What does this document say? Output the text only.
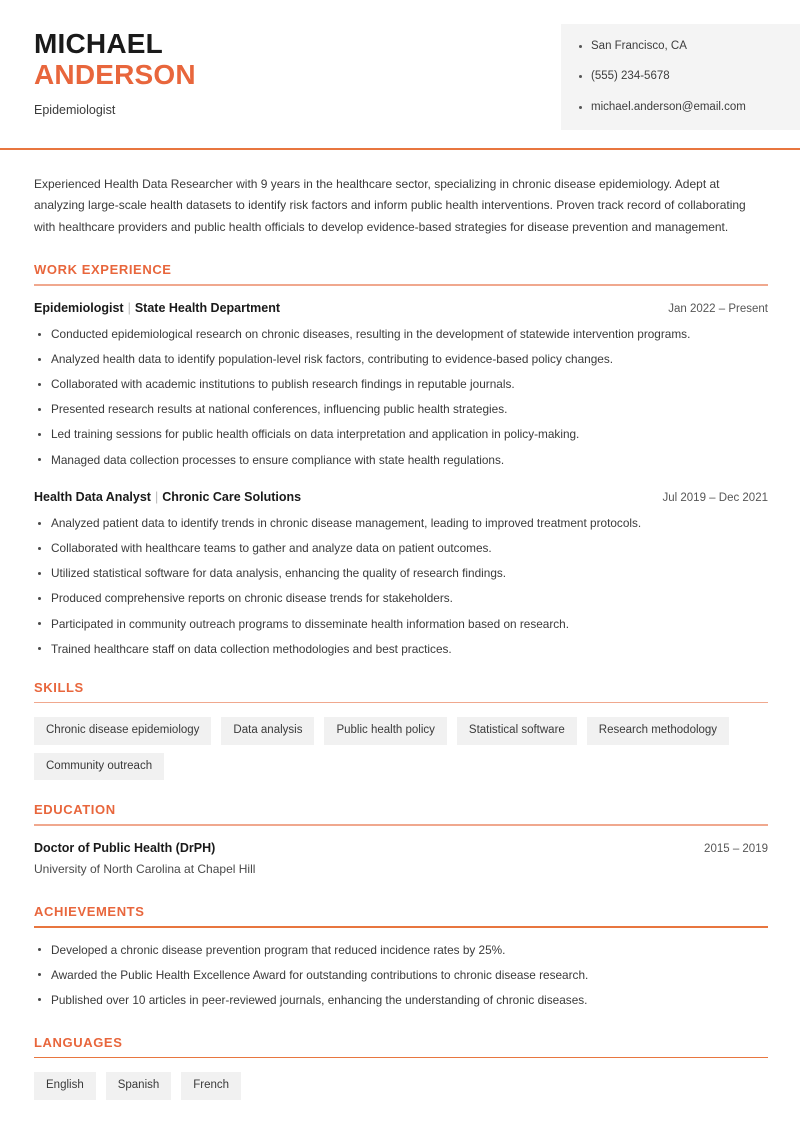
MICHAEL
ANDERSON
Epidemiologist
San Francisco, CA
(555) 234-5678
michael.anderson@email.com
Experienced Health Data Researcher with 9 years in the healthcare sector, specializing in chronic disease epidemiology. Adept at analyzing large-scale health datasets to identify risk factors and inform public health interventions. Proven track record of collaborating with healthcare providers and public health officials to develop evidence-based strategies for disease prevention and management.
WORK EXPERIENCE
Epidemiologist | State Health Department	Jan 2022 – Present
Conducted epidemiological research on chronic diseases, resulting in the development of statewide intervention programs.
Analyzed health data to identify population-level risk factors, contributing to evidence-based policy changes.
Collaborated with academic institutions to publish research findings in reputable journals.
Presented research results at national conferences, influencing public health strategies.
Led training sessions for public health officials on data interpretation and application in policy-making.
Managed data collection processes to ensure compliance with state health regulations.
Health Data Analyst | Chronic Care Solutions	Jul 2019 – Dec 2021
Analyzed patient data to identify trends in chronic disease management, leading to improved treatment protocols.
Collaborated with healthcare teams to gather and analyze data on patient outcomes.
Utilized statistical software for data analysis, enhancing the quality of research findings.
Produced comprehensive reports on chronic disease trends for stakeholders.
Participated in community outreach programs to disseminate health information based on research.
Trained healthcare staff on data collection methodologies and best practices.
SKILLS
Chronic disease epidemiology	Data analysis	Public health policy	Statistical software	Research methodology
Community outreach
EDUCATION
Doctor of Public Health (DrPH)	2015 – 2019
University of North Carolina at Chapel Hill
ACHIEVEMENTS
Developed a chronic disease prevention program that reduced incidence rates by 25%.
Awarded the Public Health Excellence Award for outstanding contributions to chronic disease research.
Published over 10 articles in peer-reviewed journals, enhancing the understanding of chronic diseases.
LANGUAGES
English	Spanish	French
